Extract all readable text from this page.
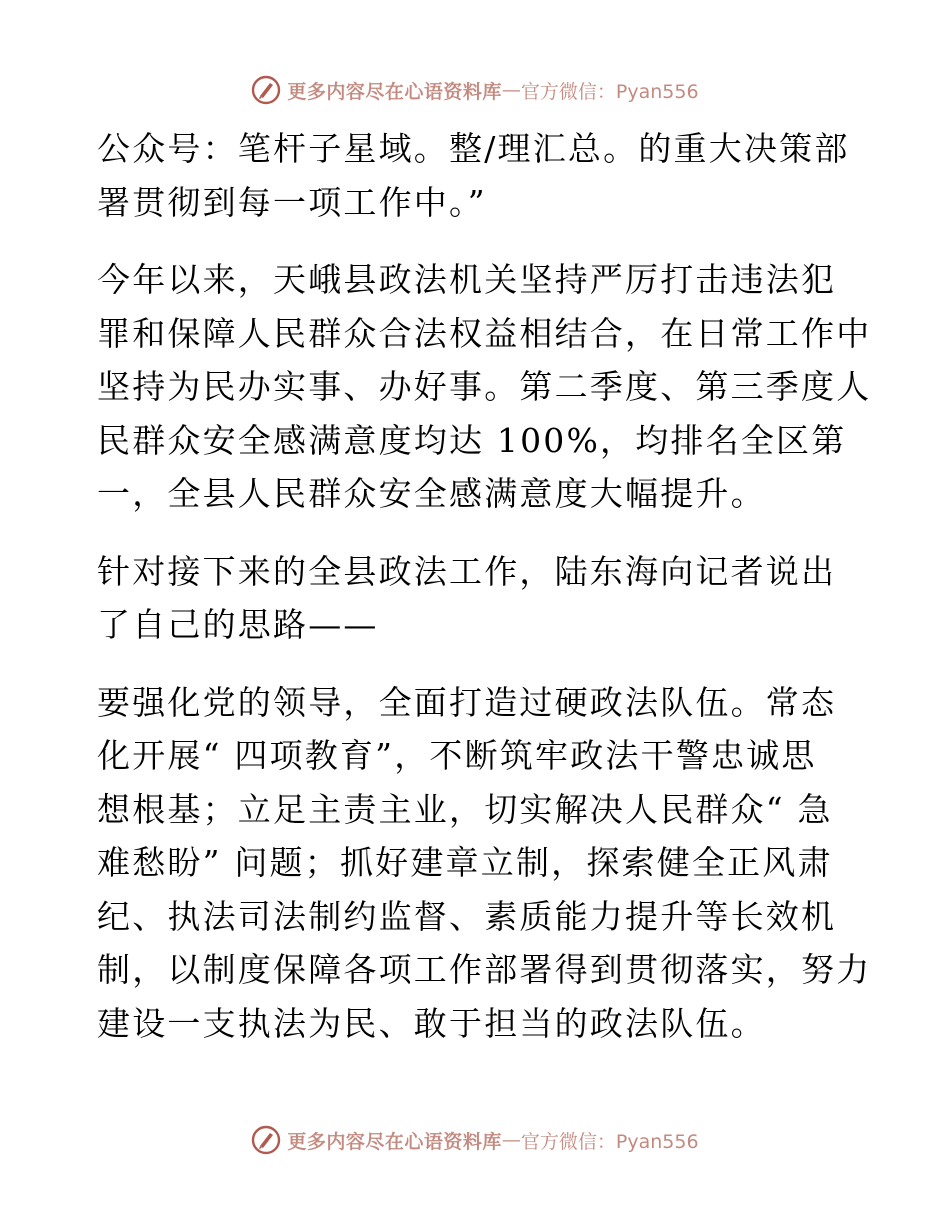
更多内容尽在心语资料库 — 官方微信：Pyan556

公众号：笔杆子星域。整/理汇总。的重大决策部
署贯彻到每一项工作中。”

今年以来，天峨县政法机关坚持严厉打击违法犯
罪和保障人民群众合法权益相结合，在日常工作中
坚持为民办实事、办好事。第二季度、第三季度人
民群众安全感满意度均达 100%，均排名全区第
一，全县人民群众安全感满意度大幅提升。

针对接下来的全县政法工作，陆东海向记者说出
了自己的思路——

要强化党的领导，全面打造过硬政法队伍。常态
化开展“ 四项教育”，不断筑牢政法干警忠诚思
想根基；立足主责主业，切实解决人民群众“ 急
难愁盼” 问题；抓好建章立制，探索健全正风肃
纪、执法司法制约监督、素质能力提升等长效机
制，以制度保障各项工作部署得到贯彻落实，努力
建设一支执法为民、敢于担当的政法队伍。

更多内容尽在心语资料库 — 官方微信：Pyan556
